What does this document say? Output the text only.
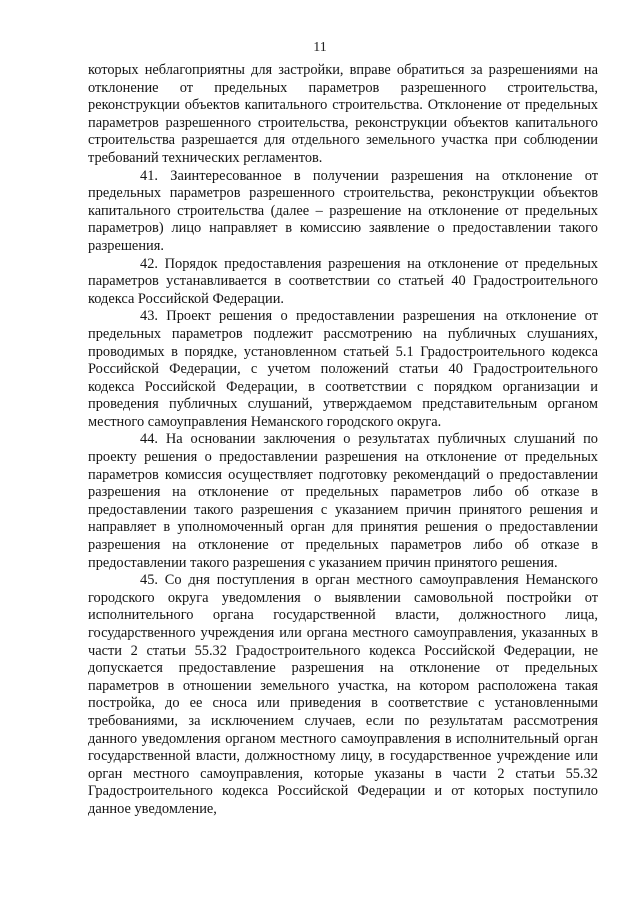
11

которых неблагоприятны для застройки, вправе обратиться за разрешениями на отклонение от предельных параметров разрешенного строительства, реконструкции объектов капитального строительства. Отклонение от предельных параметров разрешенного строительства, реконструкции объектов капитального строительства разрешается для отдельного земельного участка при соблюдении требований технических регламентов.

41. Заинтересованное в получении разрешения на отклонение от предельных параметров разрешенного строительства, реконструкции объектов капитального строительства (далее – разрешение на отклонение от предельных параметров) лицо направляет в комиссию заявление о предоставлении такого разрешения.

42. Порядок предоставления разрешения на отклонение от предельных параметров устанавливается в соответствии со статьей 40 Градостроительного кодекса Российской Федерации.

43. Проект решения о предоставлении разрешения на отклонение от предельных параметров подлежит рассмотрению на публичных слушаниях, проводимых в порядке, установленном статьей 5.1 Градостроительного кодекса Российской Федерации, с учетом положений статьи 40 Градостроительного кодекса Российской Федерации, в соответствии с порядком организации и проведения публичных слушаний, утверждаемом представительным органом местного самоуправления Неманского городского округа.

44. На основании заключения о результатах публичных слушаний по проекту решения о предоставлении разрешения на отклонение от предельных параметров комиссия осуществляет подготовку рекомендаций о предоставлении разрешения на отклонение от предельных параметров либо об отказе в предоставлении такого разрешения с указанием причин принятого решения и направляет в уполномоченный орган для принятия решения о предоставлении разрешения на отклонение от предельных параметров либо об отказе в предоставлении такого разрешения с указанием причин принятого решения.

45. Со дня поступления в орган местного самоуправления Неманского городского округа уведомления о выявлении самовольной постройки от исполнительного органа государственной власти, должностного лица, государственного учреждения или органа местного самоуправления, указанных в части 2 статьи 55.32 Градостроительного кодекса Российской Федерации, не допускается предоставление разрешения на отклонение от предельных параметров в отношении земельного участка, на котором расположена такая постройка, до ее сноса или приведения в соответствие с установленными требованиями, за исключением случаев, если по результатам рассмотрения данного уведомления органом местного самоуправления в исполнительный орган государственной власти, должностному лицу, в государственное учреждение или орган местного самоуправления, которые указаны в части 2 статьи 55.32 Градостроительного кодекса Российской Федерации и от которых поступило данное уведомление,
